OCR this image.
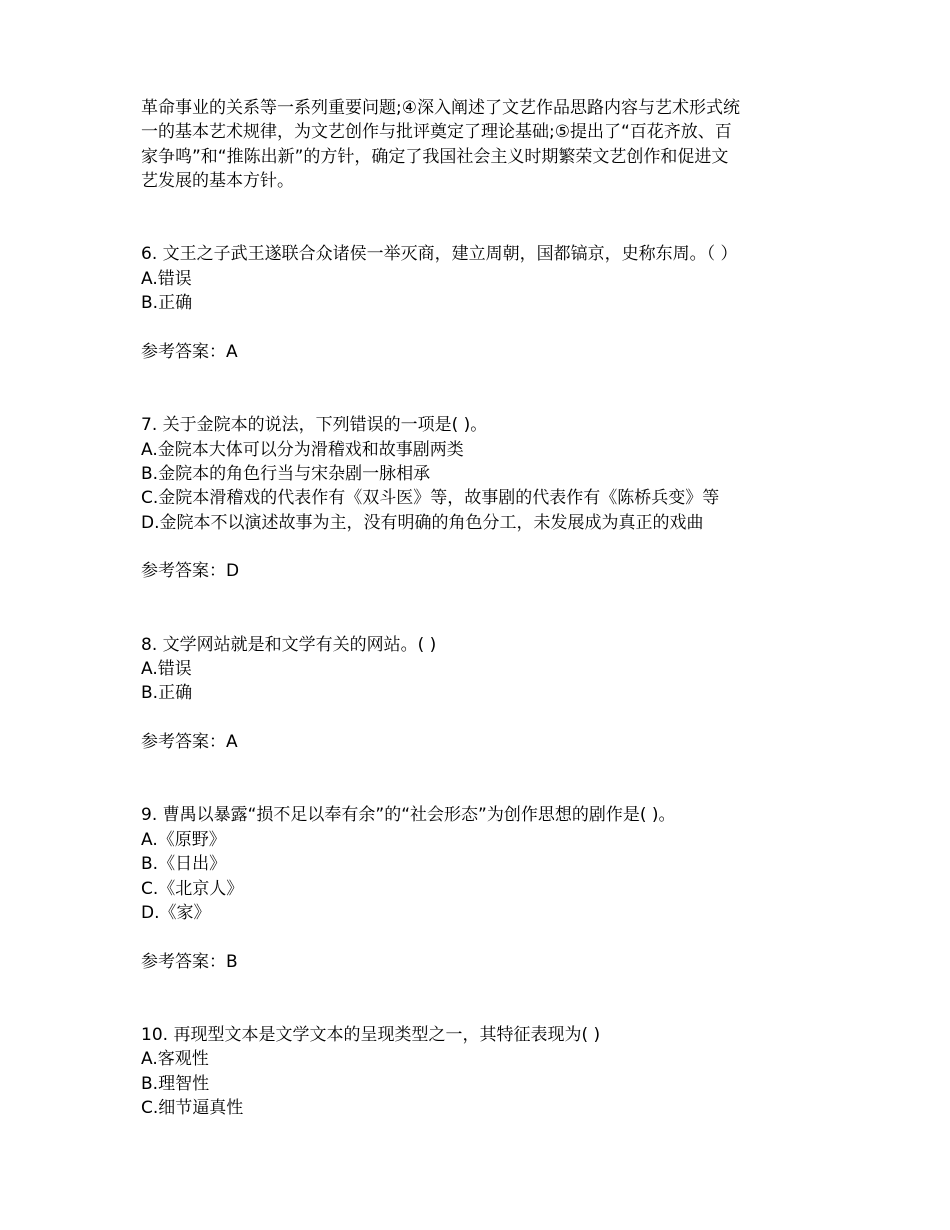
革命事业的关系等一系列重要问题;④深入阐述了文艺作品思路内容与艺术形式统
一的基本艺术规律，为文艺创作与批评奠定了理论基础;⑤提出了“百花齐放、百
家争鸣”和“推陈出新”的方针，确定了我国社会主义时期繁荣文艺创作和促进文
艺发展的基本方针。
6. 文王之子武王遂联合众诸侯一举灭商，建立周朝，国都镐京，史称东周。（ ）
A.错误
B.正确
参考答案：A
7. 关于金院本的说法，下列错误的一项是( )。
A.金院本大体可以分为滑稽戏和故事剧两类
B.金院本的角色行当与宋杂剧一脉相承
C.金院本滑稽戏的代表作有《双斗医》等，故事剧的代表作有《陈桥兵变》等
D.金院本不以演述故事为主，没有明确的角色分工，未发展成为真正的戏曲
参考答案：D
8. 文学网站就是和文学有关的网站。( )
A.错误
B.正确
参考答案：A
9. 曹禺以暴露“损不足以奉有余”的“社会形态”为创作思想的剧作是( )。
A.《原野》
B.《日出》
C.《北京人》
D.《家》
参考答案：B
10. 再现型文本是文学文本的呈现类型之一，其特征表现为( )
A.客观性
B.理智性
C.细节逼真性
